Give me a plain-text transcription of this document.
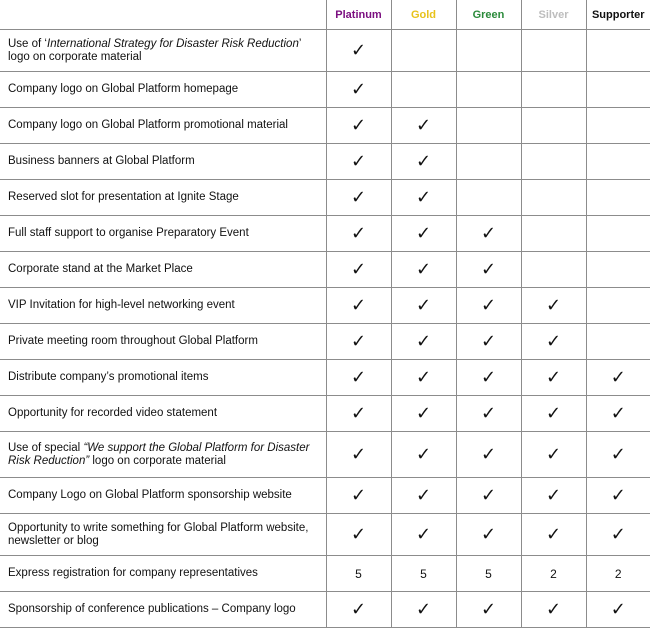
	Platinum	Gold	Green	Silver	Supporter
Use of ‘International Strategy for Disaster Risk Reduction’ logo on corporate material	✓				
Company logo on Global Platform homepage	✓				
Company logo on Global Platform promotional material	✓	✓			
Business banners at Global Platform	✓	✓			
Reserved slot for presentation at Ignite Stage	✓	✓			
Full staff support to organise Preparatory Event	✓	✓	✓		
Corporate stand at the Market Place	✓	✓	✓		
VIP Invitation for high-level networking event	✓	✓	✓	✓	
Private meeting room throughout Global Platform	✓	✓	✓	✓	
Distribute company’s promotional items	✓	✓	✓	✓	✓
Opportunity for recorded video statement	✓	✓	✓	✓	✓
Use of special “We support the Global Platform for Disaster Risk Reduction” logo on corporate material	✓	✓	✓	✓	✓
Company Logo on Global Platform sponsorship website	✓	✓	✓	✓	✓
Opportunity to write something for Global Platform website, newsletter or blog	✓	✓	✓	✓	✓
Express registration for company representatives	5	5	5	2	2
Sponsorship of conference publications – Company logo	✓	✓	✓	✓	✓
